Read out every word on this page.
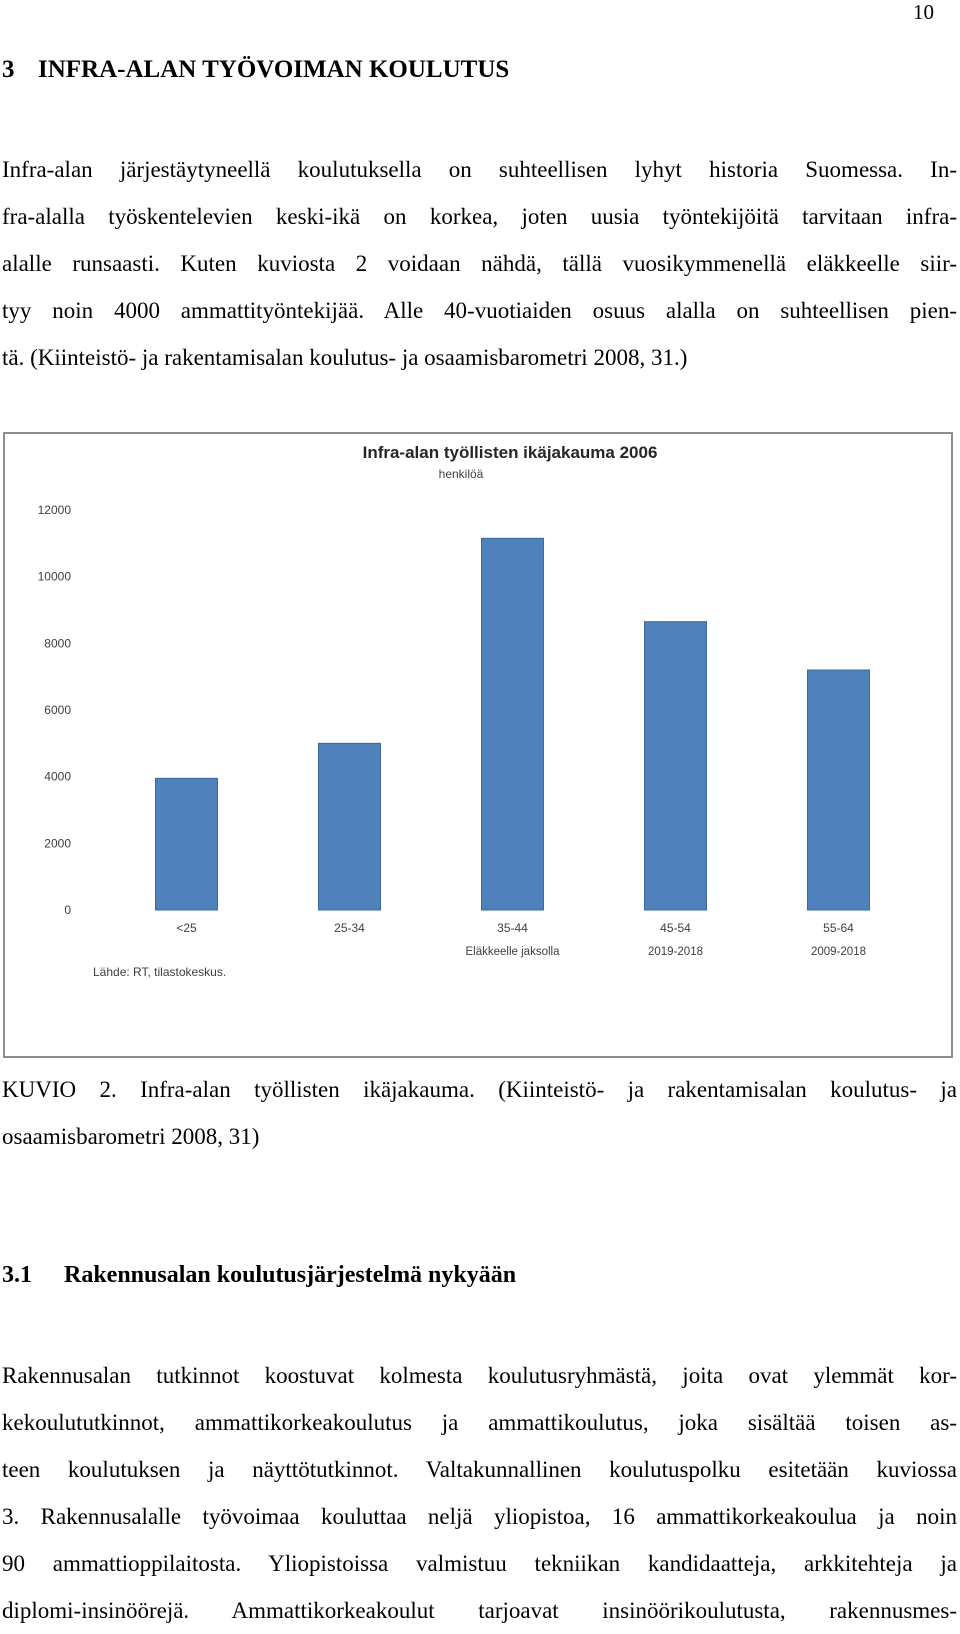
10
3 INFRA-ALAN TYÖVOIMAN KOULUTUS

Infra-alan järjestäytyneellä koulutuksella on suhteellisen lyhyt historia Suomessa. In-
fra-alalla työskentelevien keski-ikä on korkea, joten uusia työntekijöitä tarvitaan infra-
alalle runsaasti. Kuten kuviosta 2 voidaan nähdä, tällä vuosikymmenellä eläkkeelle siir-
tyy noin 4000 ammattityöntekijää. Alle 40-vuotiaiden osuus alalla on suhteellisen pien-
tä. (Kiinteistö- ja rakentamisalan koulutus- ja osaamisbarometri 2008, 31.)

Infra-alan työllisten ikäjakauma 2006
henkilöä
0
2000
4000
6000
8000
10000
12000
<25	25-34	35-44
Eläkkeelle jaksolla
45-54
2019-2018
55-64
2009-2018
Lähde: RT, tilastokeskus.

KUVIO 2. Infra-alan työllisten ikäjakauma. (Kiinteistö- ja rakentamisalan koulutus- ja
osaamisbarometri 2008, 31)

3.1 Rakennusalan koulutusjärjestelmä nykyään

Rakennusalan tutkinnot koostuvat kolmesta koulutusryhmästä, joita ovat ylemmät kor-
kekoulututkinnot, ammattikorkeakoulutus ja ammattikoulutus, joka sisältää toisen as-
teen koulutuksen ja näyttötutkinnot. Valtakunnallinen koulutuspolku esitetään kuviossa
3. Rakennusalalle työvoimaa kouluttaa neljä yliopistoa, 16 ammattikorkeakoulua ja noin
90 ammattioppilaitosta. Yliopistoissa valmistuu tekniikan kandidaatteja, arkkitehteja ja
diplomi-insinöörejä. Ammattikorkeakoulut tarjoavat insinöörikoulutusta, rakennusmes-
